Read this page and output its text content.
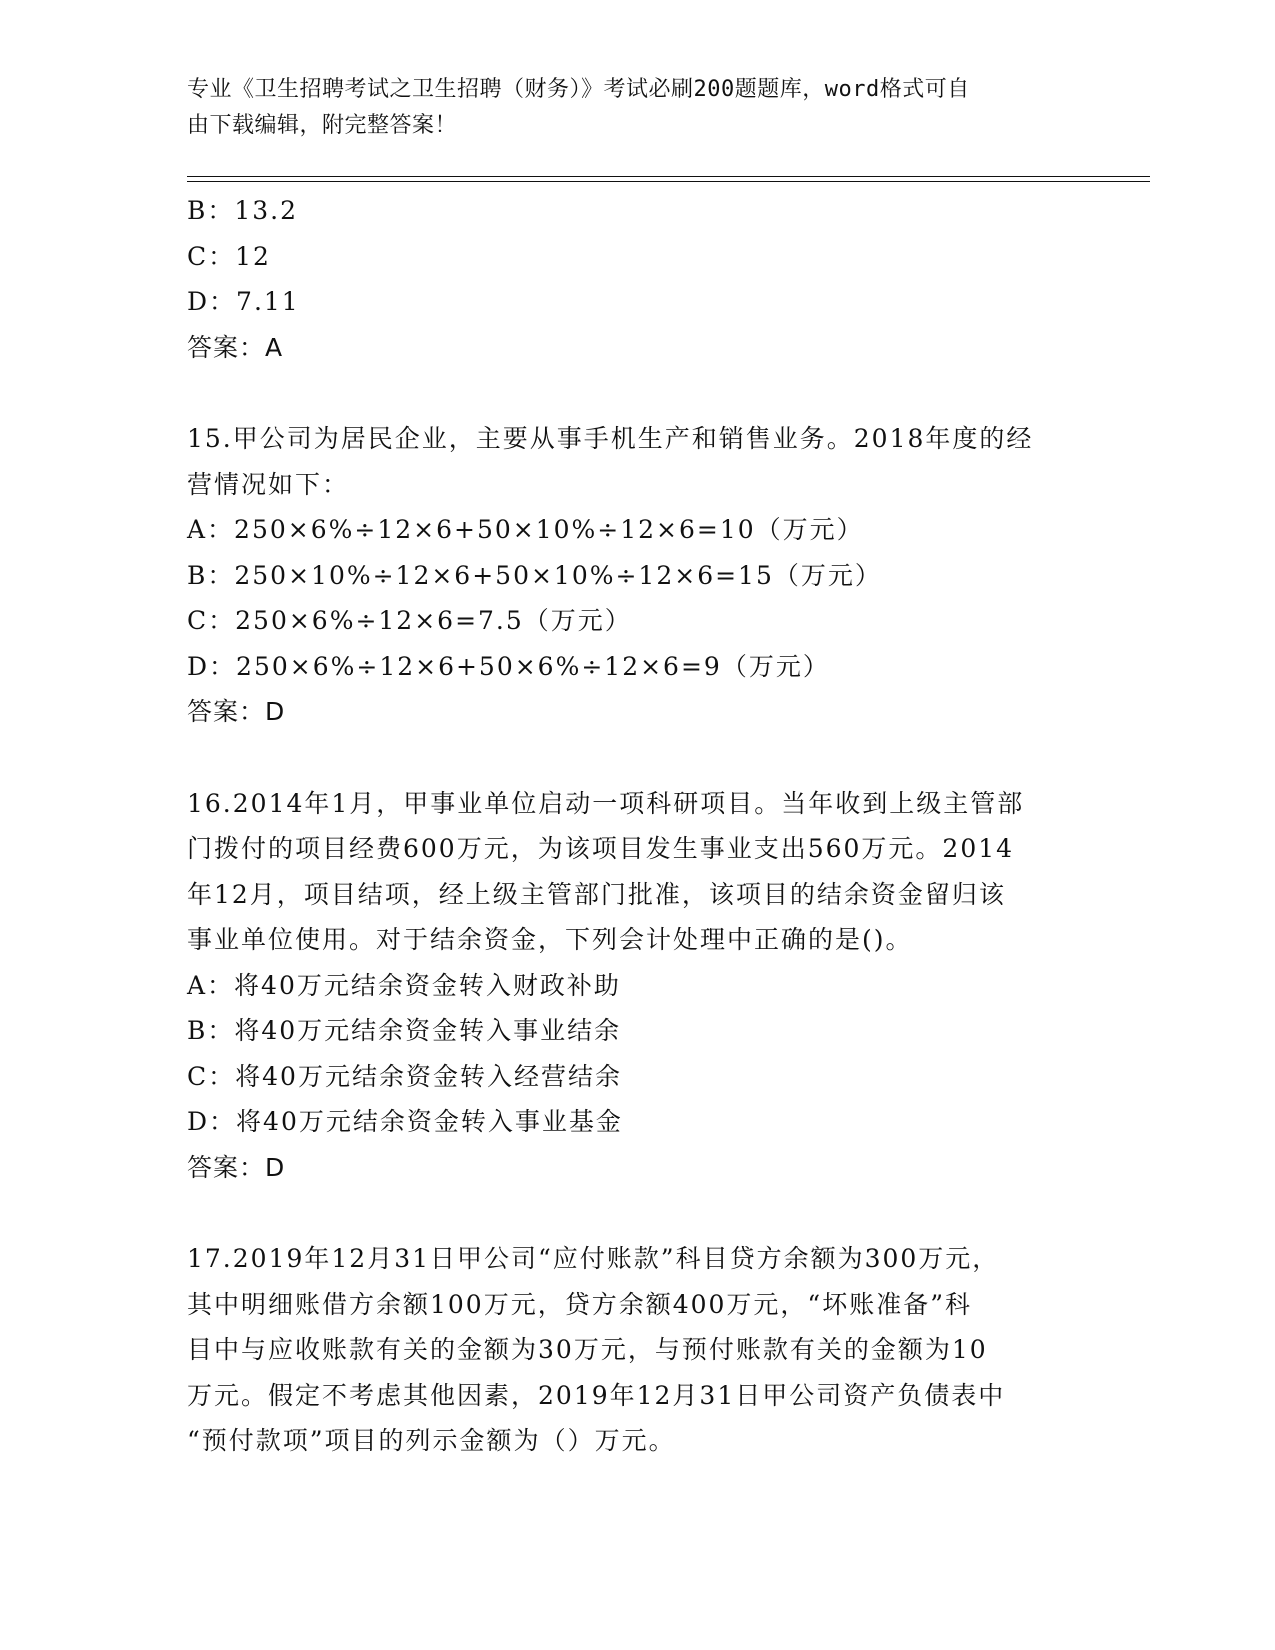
专业《卫生招聘考试之卫生招聘（财务）》考试必刷200题题库，word格式可自
由下载编辑，附完整答案！
B：13.2
C：12
D：7.11
答案：A
15.甲公司为居民企业，主要从事手机生产和销售业务。2018年度的经
营情况如下：
A：250×6%÷12×6+50×10%÷12×6=10（万元）
B：250×10%÷12×6+50×10%÷12×6=15（万元）
C：250×6%÷12×6=7.5（万元）
D：250×6%÷12×6+50×6%÷12×6=9（万元）
答案：D
16.2014年1月，甲事业单位启动一项科研项目。当年收到上级主管部
门拨付的项目经费600万元，为该项目发生事业支出560万元。2014
年12月，项目结项，经上级主管部门批准，该项目的结余资金留归该
事业单位使用。对于结余资金，下列会计处理中正确的是()。
A：将40万元结余资金转入财政补助
B：将40万元结余资金转入事业结余
C：将40万元结余资金转入经营结余
D：将40万元结余资金转入事业基金
答案：D
17.2019年12月31日甲公司“应付账款”科目贷方余额为300万元，
其中明细账借方余额100万元，贷方余额400万元，“坏账准备”科
目中与应收账款有关的金额为30万元，与预付账款有关的金额为10
万元。假定不考虑其他因素，2019年12月31日甲公司资产负债表中
“预付款项”项目的列示金额为（）万元。
